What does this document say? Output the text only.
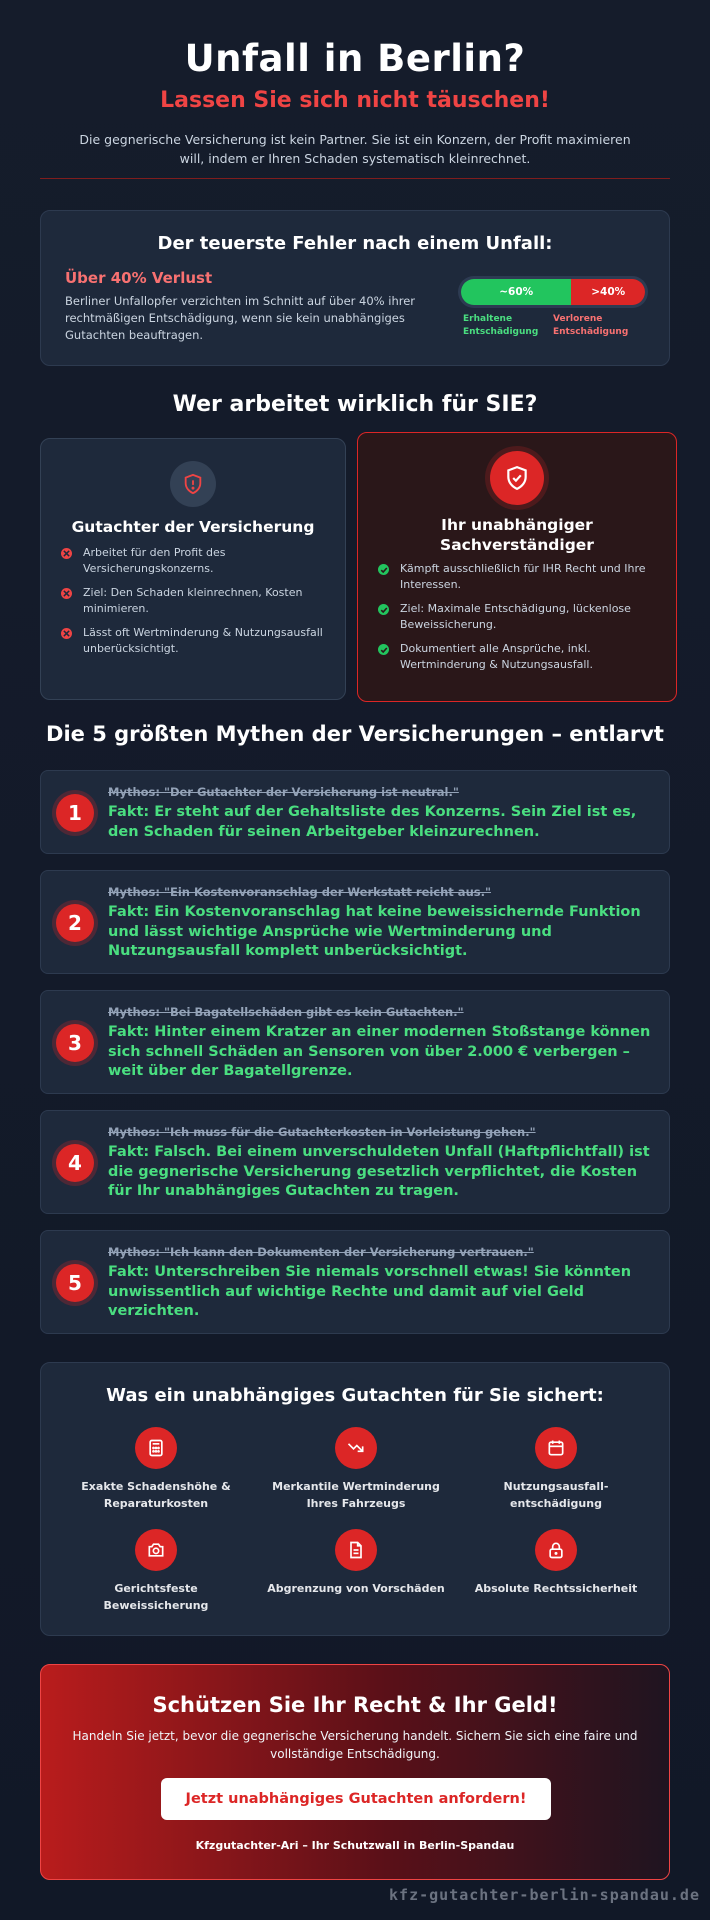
Unfall in Berlin?
Lassen Sie sich nicht täuschen!

Die gegnerische Versicherung ist kein Partner. Sie ist ein Konzern, der Profit maximieren will, indem er Ihren Schaden systematisch kleinrechnet.

Der teuerste Fehler nach einem Unfall:
Über 40% Verlust
Berliner Unfallopfer verzichten im Schnitt auf über 40% ihrer rechtmäßigen Entschädigung, wenn sie kein unabhängiges Gutachten beauftragen.
~60%	>40%
Erhaltene Entschädigung
Verlorene Entschädigung
Wer arbeitet wirklich für SIE?
Gutachter der Versicherung
Arbeitet für den Profit des Versicherungskonzerns.
Ziel: Den Schaden kleinrechnen, Kosten minimieren.
Lässt oft Wertminderung & Nutzungsausfall unberücksichtigt.
Ihr unabhängiger Sachverständiger
Kämpft ausschließlich für IHR Recht und Ihre Interessen.
Ziel: Maximale Entschädigung, lückenlose Beweissicherung.
Dokumentiert alle Ansprüche, inkl. Wertminderung & Nutzungsausfall.
Die 5 größten Mythen der Versicherungen – entlarvt
1
Mythos: "Der Gutachter der Versicherung ist neutral."
Fakt: Er steht auf der Gehaltsliste des Konzerns. Sein Ziel ist es, den Schaden für seinen Arbeitgeber kleinzurechnen.
2
Mythos: "Ein Kostenvoranschlag der Werkstatt reicht aus."
Fakt: Ein Kostenvoranschlag hat keine beweissichernde Funktion und lässt wichtige Ansprüche wie Wertminderung und Nutzungsausfall komplett unberücksichtigt.
3
Mythos: "Bei Bagatellschäden gibt es kein Gutachten."
Fakt: Hinter einem Kratzer an einer modernen Stoßstange können sich schnell Schäden an Sensoren von über 2.000 € verbergen – weit über der Bagatellgrenze.
4
Mythos: "Ich muss für die Gutachterkosten in Vorleistung gehen."
Fakt: Falsch. Bei einem unverschuldeten Unfall (Haftpflichtfall) ist die gegnerische Versicherung gesetzlich verpflichtet, die Kosten für Ihr unabhängiges Gutachten zu tragen.
5
Mythos: "Ich kann den Dokumenten der Versicherung vertrauen."
Fakt: Unterschreiben Sie niemals vorschnell etwas! Sie könnten unwissentlich auf wichtige Rechte und damit auf viel Geld verzichten.
Was ein unabhängiges Gutachten für Sie sichert:
Exakte Schadenshöhe & Reparaturkosten
Merkantile Wertminderung Ihres Fahrzeugs
Nutzungsausfall-entschädigung
Gerichtsfeste Beweissicherung
Abgrenzung von Vorschäden	Absolute Rechtssicherheit
Schützen Sie Ihr Recht & Ihr Geld!

Handeln Sie jetzt, bevor die gegnerische Versicherung handelt. Sichern Sie sich eine faire und vollständige Entschädigung.

Jetzt unabhängiges Gutachten anfordern!
Kfzgutachter-Ari – Ihr Schutzwall in Berlin-Spandau
kfz-gutachter-berlin-spandau.de
